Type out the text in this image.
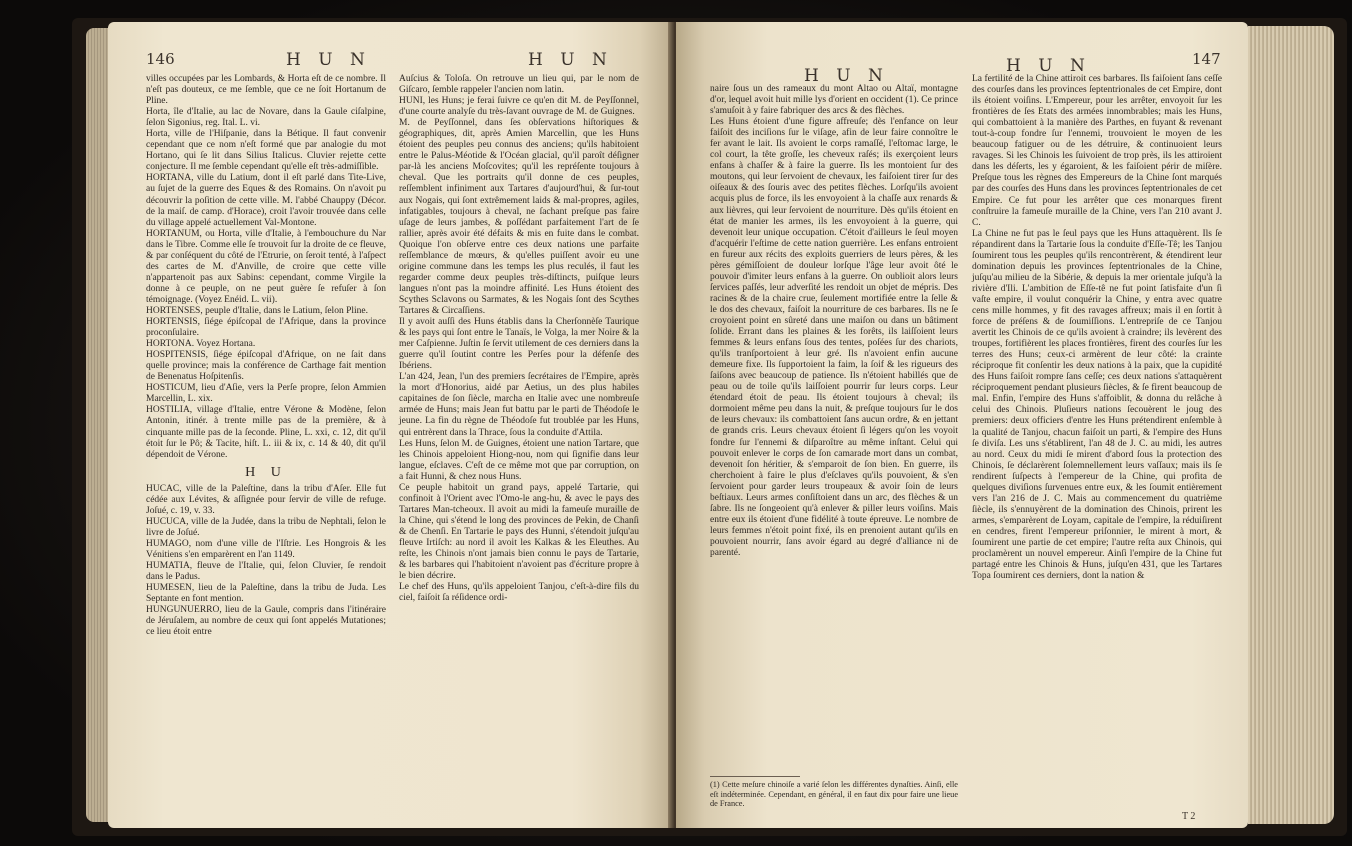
146	H U N	H U N

villes occupées par les Lombards, & Horta eſt de ce nombre. Il n'eſt pas douteux, ce me ſemble, que ce ne ſoit Hortanum de Pline.

Horta, île d'Italie, au lac de Novare, dans la Gaule ciſalpine, ſelon Sigonius, reg. Ital. L. vi.

Horta, ville de l'Hiſpanie, dans la Bétique. Il faut convenir cependant que ce nom n'eſt formé que par analogie du mot Hortano, qui ſe lit dans Silius Italicus. Cluvier rejette cette conjecture. Il me ſemble cependant qu'elle eſt très-admiſſible.

HORTANA, ville du Latium, dont il eſt parlé dans Tite-Live, au ſujet de la guerre des Eques & des Romains. On n'avoit pu découvrir la poſition de cette ville. M. l'abbé Chauppy (Décor. de la maiſ. de camp. d'Horace), croit l'avoir trouvée dans celle du village appelé actuellement Val-Montone.

HORTANUM, ou Horta, ville d'Italie, à l'embouchure du Nar dans le Tibre. Comme elle ſe trouvoit ſur la droite de ce fleuve, & par conſéquent du côté de l'Etrurie, on ſeroit tenté, à l'aſpect des cartes de M. d'Anville, de croire que cette ville n'appartenoit pas aux Sabins: cependant, comme Virgile la donne à ce peuple, on ne peut guère ſe refuſer à ſon témoignage. (Voyez Enéid. L. vii).

HORTENSES, peuple d'Italie, dans le Latium, ſelon Pline.

HORTENSIS, ſiége épiſcopal de l'Afrique, dans la province proconſulaire.

HORTONA. Voyez Hortana.

HOSPITENSIS, ſiége épiſcopal d'Afrique, on ne ſait dans quelle province; mais la conférence de Carthage fait mention de Benenatus Hoſpitenſis.

HOSTICUM, lieu d'Aſie, vers la Perſe propre, ſelon Ammien Marcellin, L. xix.

HOSTILIA, village d'Italie, entre Vérone & Modène, ſelon Antonin, itinér. à trente mille pas de la première, & à cinquante mille pas de la ſeconde. Pline, L. xxi, c. 12, dit qu'il étoit ſur le Pô; & Tacite, hiſt. L. iii & ix, c. 14 & 40, dit qu'il dépendoit de Vérone.

H U

HUCAC, ville de la Paleſtine, dans la tribu d'Aſer. Elle fut cédée aux Lévites, & aſſignée pour ſervir de ville de refuge. Joſué, c. 19, v. 33.

HUCUCA, ville de la Judée, dans la tribu de Nephtali, ſelon le livre de Joſué.

HUMAGO, nom d'une ville de l'Iſtrie. Les Hongrois & les Vénitiens s'en emparèrent en l'an 1149.

HUMATIA, fleuve de l'Italie, qui, ſelon Cluvier, ſe rendoit dans le Padus.

HUMESEN, lieu de la Paleſtine, dans la tribu de Juda. Les Septante en font mention.

HUNGUNUERRO, lieu de la Gaule, compris dans l'itinéraire de Jéruſalem, au nombre de ceux qui ſont appelés Mutationes; ce lieu étoit entre

Auſcius & Toloſa. On retrouve un lieu qui, par le nom de Giſcaro, ſemble rappeler l'ancien nom latin.

HUNI, les Huns; je ferai ſuivre ce qu'en dit M. de Peyſſonnel, d'une courte analyſe du très-ſavant ouvrage de M. de Guignes.

M. de Peyſſonnel, dans ſes obſervations hiſtoriques & géographiques, dit, après Amien Marcellin, que les Huns étoient des peuples peu connus des anciens; qu'ils habitoient entre le Palus-Méotide & l'Océan glacial, qu'il paroît déſigner par-là les anciens Moſcovites; qu'il les repréſente toujours à cheval. Que les portraits qu'il donne de ces peuples, reſſemblent infiniment aux Tartares d'aujourd'hui, & ſur-tout aux Nogais, qui ſont extrêmement laids & mal-propres, agiles, infatigables, toujours à cheval, ne ſachant preſque pas faire uſage de leurs jambes, & poſſédant parfaitement l'art de ſe rallier, après avoir été défaits & mis en fuite dans le combat. Quoique l'on obſerve entre ces deux nations une parfaite reſſemblance de mœurs, & qu'elles puiſſent avoir eu une origine commune dans les temps les plus reculés, il faut les regarder comme deux peuples très-diſtincts, puiſque leurs langues n'ont pas la moindre affinité. Les Huns étoient des Scythes Sclavons ou Sarmates, & les Nogais ſont des Scythes Tartares & Circaſſiens.

Il y avoit auſſi des Huns établis dans la Cherſonnèſe Taurique & les pays qui ſont entre le Tanaïs, le Volga, la mer Noire & la mer Caſpienne. Juſtin ſe ſervit utilement de ces derniers dans la guerre qu'il ſoutint contre les Perſes pour la défenſe des Ibériens.

L'an 424, Jean, l'un des premiers ſecrétaires de l'Empire, après la mort d'Honorius, aidé par Aetius, un des plus habiles capitaines de ſon ſiècle, marcha en Italie avec une nombreuſe armée de Huns; mais Jean fut battu par le parti de Théodoſe le jeune. La fin du règne de Théodoſe fut troublée par les Huns, qui entrèrent dans la Thrace, ſous la conduite d'Attila.

Les Huns, ſelon M. de Guignes, étoient une nation Tartare, que les Chinois appeloient Hiong-nou, nom qui ſignifie dans leur langue, eſclaves. C'eſt de ce même mot que par corruption, on a fait Hunni, & chez nous Huns.

Ce peuple habitoit un grand pays, appelé Tartarie, qui confinoit à l'Orient avec l'Omo-le ang-hu, & avec le pays des Tartares Man-tcheoux. Il avoit au midi la fameuſe muraille de la Chine, qui s'étend le long des provinces de Pekin, de Chanſi & de Chenſi. En Tartarie le pays des Hunni, s'étendoit juſqu'au fleuve Irtiſch: au nord il avoit les Kalkas & les Eleuthes. Au reſte, les Chinois n'ont jamais bien connu le pays de Tartarie, & les barbares qui l'habitoient n'avoient pas d'écriture propre à le bien décrire.

Le chef des Huns, qu'ils appeloient Tanjou, c'eſt-à-dire fils du ciel, faiſoit ſa réſidence ordi-

H U N	H U N	147

naire ſous un des rameaux du mont Altao ou Altaï, montagne d'or, lequel avoit huit mille lys d'orient en occident (1). Ce prince s'amuſoit à y faire fabriquer des arcs & des flèches.

Les Huns étoient d'une figure affreuſe; dès l'enfance on leur faiſoit des inciſions ſur le viſage, afin de leur faire connoître le fer avant le lait. Ils avoient le corps ramaſſé, l'eſtomac large, le col court, la tête groſſe, les cheveux raſés; ils exerçoient leurs enfans à chaſſer & à faire la guerre. Ils les montoient ſur des moutons, qui leur ſervoient de chevaux, les faiſoient tirer ſur des oiſeaux & des ſouris avec des petites flèches. Lorſqu'ils avoient acquis plus de force, ils les envoyoient à la chaſſe aux renards & aux lièvres, qui leur ſervoient de nourriture. Dès qu'ils étoient en état de manier les armes, ils les envoyoient à la guerre, qui devenoit leur unique occupation. C'étoit d'ailleurs le ſeul moyen d'acquérir l'eſtime de cette nation guerrière. Les enfans entroient en fureur aux récits des exploits guerriers de leurs pères, & les pères gémiſſoient de douleur lorſque l'âge leur avoit ôté le pouvoir d'imiter leurs enfans à la guerre. On oublioit alors leurs ſervices paſſés, leur adverſité les rendoit un objet de mépris. Des racines & de la chaire crue, ſeulement mortifiée entre la ſelle & le dos des chevaux, faiſoit la nourriture de ces barbares. Ils ne ſe croyoient point en sûreté dans une maiſon ou dans un bâtiment ſolide. Errant dans les plaines & les forêts, ils laiſſoient leurs femmes & leurs enfans ſous des tentes, poſées ſur des chariots, qu'ils tranſportoient à leur gré. Ils n'avoient enfin aucune demeure fixe. Ils ſupportoient la faim, la ſoif & les rigueurs des ſaiſons avec beaucoup de patience. Ils n'étoient habillés que de peau ou de toile qu'ils laiſſoient pourrir ſur leurs corps. Leur étendard étoit de peau. Ils étoient toujours à cheval; ils dormoient même peu dans la nuit, & preſque toujours ſur le dos de leurs chevaux: ils combattoient ſans aucun ordre, & en jettant de grands cris. Leurs chevaux étoient ſi légers qu'on les voyoit fondre ſur l'ennemi & diſparoître au même inſtant. Celui qui pouvoit enlever le corps de ſon camarade mort dans un combat, devenoit ſon héritier, & s'emparoit de ſon bien. En guerre, ils cherchoient à faire le plus d'eſclaves qu'ils pouvoient, & s'en ſervoient pour garder leurs troupeaux & avoir ſoin de leurs beſtiaux. Leurs armes conſiſtoient dans un arc, des flèches & un ſabre. Ils ne ſongeoient qu'à enlever & piller leurs voiſins. Mais entre eux ils étoient d'une fidélité à toute épreuve. Le nombre de leurs femmes n'étoit point fixé, ils en prenoient autant qu'ils en pouvoient nourrir, ſans avoir égard au degré d'alliance ni de parenté.

(1) Cette meſure chinoiſe a varié ſelon les différentes dynaſties. Ainſi, elle eſt indéterminée. Cependant, en général, il en faut dix pour faire une lieue de France.

La fertilité de la Chine attiroit ces barbares. Ils faiſoient ſans ceſſe des courſes dans les provinces ſeptentrionales de cet Empire, dont ils étoient voiſins. L'Empereur, pour les arrêter, envoyoit ſur les frontières de ſes Etats des armées innombrables; mais les Huns, qui combattoient à la manière des Parthes, en fuyant & revenant tout-à-coup fondre ſur l'ennemi, trouvoient le moyen de les beaucoup fatiguer ou de les détruire, & continuoient leurs ravages. Si les Chinois les ſuivoient de trop près, ils les attiroient dans les déſerts, les y égaroient, & les faiſoient périr de miſère. Preſque tous les règnes des Empereurs de la Chine ſont marqués par des courſes des Huns dans les provinces ſeptentrionales de cet Empire. Ce fut pour les arrêter que ces monarques firent conſtruire la fameuſe muraille de la Chine, vers l'an 210 avant J. C.

La Chine ne fut pas le ſeul pays que les Huns attaquèrent. Ils ſe répandirent dans la Tartarie ſous la conduite d'Eſſe-Tê; les Tanjou ſoumirent tous les peuples qu'ils rencontrèrent, & étendirent leur domination depuis les provinces ſeptentrionales de la Chine, juſqu'au milieu de la Sibérie, & depuis la mer orientale juſqu'à la rivière d'Ili. L'ambition de Eſſe-tê ne fut point ſatisfaite d'un ſi vaſte empire, il voulut conquérir la Chine, y entra avec quatre cens mille hommes, y fit des ravages affreux; mais il en ſortit à force de préſens & de ſoumiſſions. L'entrepriſe de ce Tanjou avertit les Chinois de ce qu'ils avoient à craindre; ils levèrent des troupes, fortifièrent les places frontières, firent des courſes ſur les terres des Huns; ceux-ci armèrent de leur côté: la crainte réciproque fit conſentir les deux nations à la paix, que la cupidité des Huns faiſoit rompre ſans ceſſe; ces deux nations s'attaquèrent réciproquement pendant plusieurs ſiècles, & ſe firent beaucoup de mal. Enfin, l'empire des Huns s'affoiblit, & donna du relâche à celui des Chinois. Pluſieurs nations ſecouèrent le joug des premiers: deux officiers d'entre les Huns prétendirent enſemble à la qualité de Tanjou, chacun faiſoit un parti, & l'empire des Huns ſe diviſa. Les uns s'établirent, l'an 48 de J. C. au midi, les autres au nord. Ceux du midi ſe mirent d'abord ſous la protection des Chinois, ſe déclarèrent ſolemnellement leurs vaſſaux; mais ils ſe rendirent ſuſpects à l'empereur de la Chine, qui profita de quelques diviſions ſurvenues entre eux, & les ſoumit entièrement vers l'an 216 de J. C. Mais au commencement du quatrième ſiècle, ils s'ennuyèrent de la domination des Chinois, prirent les armes, s'emparèrent de Loyam, capitale de l'empire, la réduiſirent en cendres, firent l'empereur priſonnier, le mirent à mort, & ſoumirent une partie de cet empire; l'autre reſta aux Chinois, qui proclamèrent un nouvel empereur. Ainſi l'empire de la Chine fut partagé entre les Chinois & Huns, juſqu'en 431, que les Tartares Topa ſoumirent ces derniers, dont la nation &

T 2
